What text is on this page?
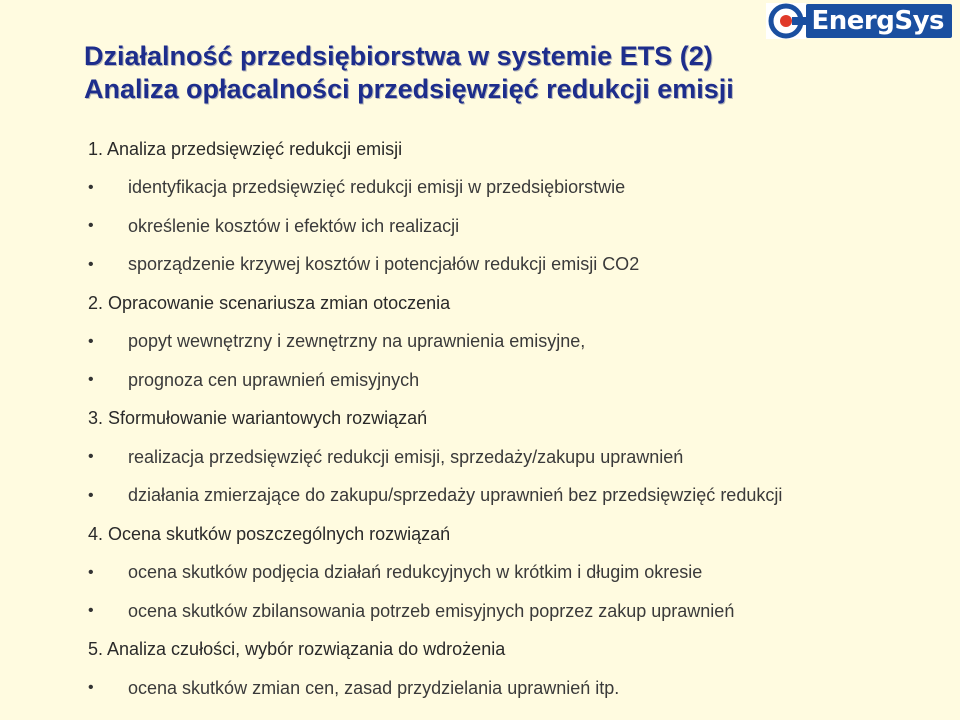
EnergSys
Działalność przedsiębiorstwa w systemie ETS (2)
Analiza opłacalności przedsięwzięć redukcji emisji
1. Analiza przedsięwzięć redukcji emisji
•	identyfikacja przedsięwzięć redukcji emisji w przedsiębiorstwie
•	określenie kosztów i efektów ich realizacji
•	sporządzenie krzywej kosztów i potencjałów redukcji emisji CO2
2. Opracowanie scenariusza zmian otoczenia
•	popyt wewnętrzny i zewnętrzny na uprawnienia emisyjne,
•	prognoza cen uprawnień emisyjnych
3. Sformułowanie wariantowych rozwiązań
•	realizacja przedsięwzięć redukcji emisji, sprzedaży/zakupu uprawnień
•	działania zmierzające do zakupu/sprzedaży uprawnień bez przedsięwzięć redukcji
4. Ocena skutków poszczególnych rozwiązań
•	ocena skutków podjęcia działań redukcyjnych w krótkim i długim okresie
•	ocena skutków zbilansowania potrzeb emisyjnych poprzez zakup uprawnień
5. Analiza czułości, wybór rozwiązania do wdrożenia
•	ocena skutków zmian cen, zasad przydzielania uprawnień itp.
